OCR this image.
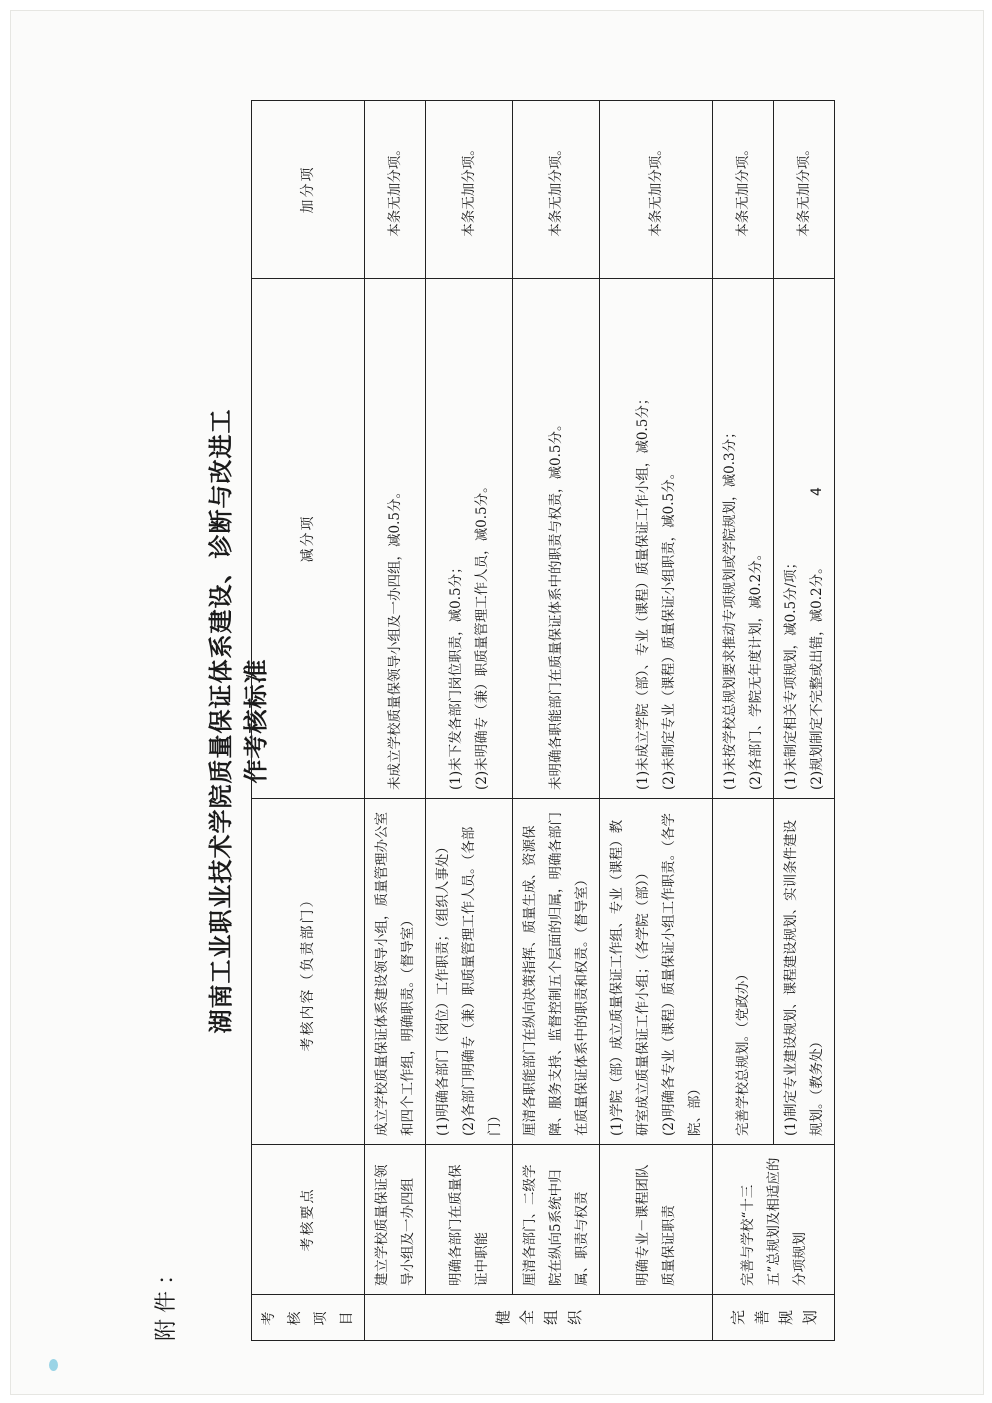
附件：
湖南工业职业技术学院质量保证体系建设、诊断与改进工作考核标准
考核项目	考核要点	考核内容（负责部门）	减分项	加分项
健全组织	建立学校质量保证领导小组及一办四组	成立学校质量保证体系建设领导小组，质量管理办公室和四个工作组，明确职责。（督导室）	未成立学校质量保领导小组及一办四组，减0.5分。	本条无加分项。
	明确各部门在质量保证中职能	(1)明确各部门（岗位）工作职责；（组织人事处） (2)各部门明确专（兼）职质量管理工作人员。（各部门）	(1)未下发各部门岗位职责，减0.5分； (2)未明确专（兼）职质量管理工作人员，减0.5分。	本条无加分项。
	厘清各部门、二级学院在纵向5系统中归属、职责与权责	厘清各职能部门在纵向决策指挥、质量生成、资源保障、服务支持、监督控制五个层面的归属，明确各部门在质量保证体系中的职责和权责。（督导室）	未明确各职能部门在质量保证体系中的职责与权责，减0.5分。	本条无加分项。
	明确专业－课程团队质量保证职责	(1)学院（部）成立质量保证工作组、专业（课程）教研室成立质量保证工作小组；（各学院（部）） (2)明确各专业（课程）质量保证小组工作职责。（各学院、部）	(1)未成立学院（部）、专业（课程）质量保证工作小组，减0.5分； (2)未制定专业（课程）质量保证小组职责，减0.5分。	本条无加分项。
完善规划	完善与学校“十三五”总规划及相适应的分项规划	完善学校总规划。（党政办）	(1)未按学校总规划要求推动专项规划或学院规划，减0.3分； (2)各部门、学院无年度计划，减0.2分。	本条无加分项。

		(1)制定专业建设规划、课程建设规划、实训条件建设规划。（教务处）	(1)未制定相关专项规划，减0.5分/项； (2)规划制定不完整或出错，减0.2分。	本条无加分项。
4
